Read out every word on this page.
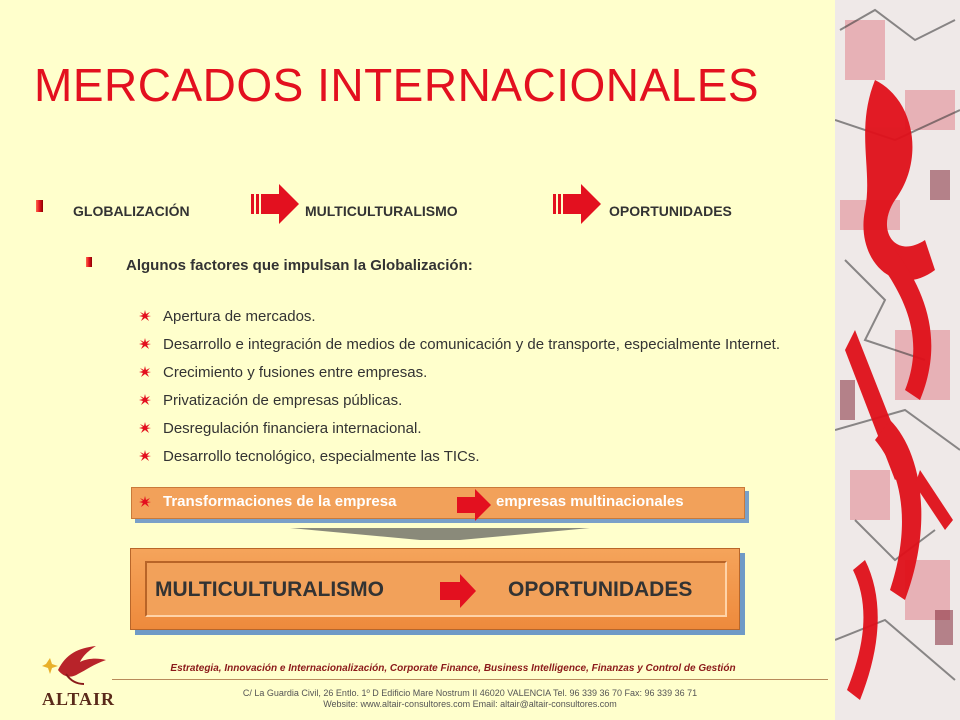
MERCADOS INTERNACIONALES
GLOBALIZACIÓN	MULTICULTURALISMO	OPORTUNIDADES
Algunos factores que impulsan la Globalización:
Apertura de mercados.
Desarrollo e integración de medios de comunicación y de transporte, especialmente Internet.
Crecimiento y fusiones entre empresas.
Privatización de empresas públicas.
Desregulación financiera internacional.
Desarrollo tecnológico, especialmente las TICs.
Transformaciones de la empresa	empresas multinacionales
MULTICULTURALISMO	OPORTUNIDADES
ALTAIR
Estrategia, Innovación e Internacionalización, Corporate Finance, Business Intelligence, Finanzas y Control de Gestión
C/ La Guardia Civil, 26 Entlo. 1º D Edificio Mare Nostrum II 46020 VALENCIA Tel. 96 339 36 70 Fax: 96 339 36 71
Website: www.altair-consultores.com Email: altair@altair-consultores.com
